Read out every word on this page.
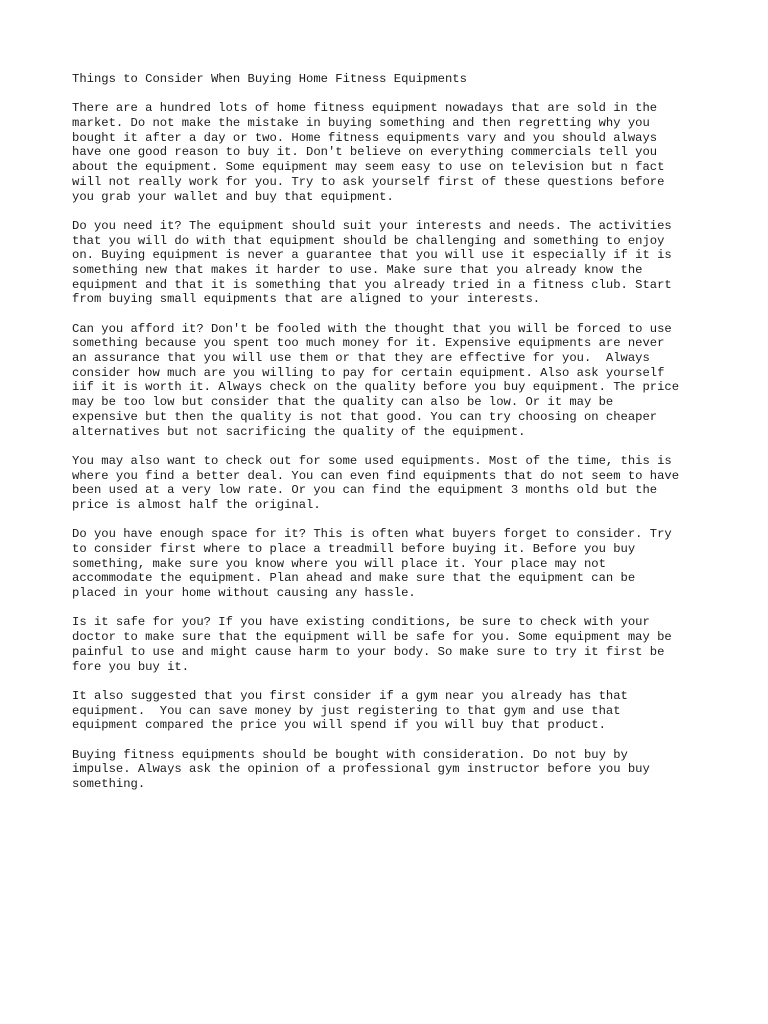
Things to Consider When Buying Home Fitness Equipments
There are a hundred lots of home fitness equipment nowadays that are sold in the
market. Do not make the mistake in buying something and then regretting why you
bought it after a day or two. Home fitness equipments vary and you should always
have one good reason to buy it. Don't believe on everything commercials tell you
about the equipment. Some equipment may seem easy to use on television but n fact
will not really work for you. Try to ask yourself first of these questions before
you grab your wallet and buy that equipment.
Do you need it? The equipment should suit your interests and needs. The activities
that you will do with that equipment should be challenging and something to enjoy
on. Buying equipment is never a guarantee that you will use it especially if it is
something new that makes it harder to use. Make sure that you already know the
equipment and that it is something that you already tried in a fitness club. Start
from buying small equipments that are aligned to your interests.
Can you afford it? Don't be fooled with the thought that you will be forced to use
something because you spent too much money for it. Expensive equipments are never
an assurance that you will use them or that they are effective for you.  Always
consider how much are you willing to pay for certain equipment. Also ask yourself
iif it is worth it. Always check on the quality before you buy equipment. The price
may be too low but consider that the quality can also be low. Or it may be
expensive but then the quality is not that good. You can try choosing on cheaper
alternatives but not sacrificing the quality of the equipment.
You may also want to check out for some used equipments. Most of the time, this is
where you find a better deal. You can even find equipments that do not seem to have
been used at a very low rate. Or you can find the equipment 3 months old but the
price is almost half the original.
Do you have enough space for it? This is often what buyers forget to consider. Try
to consider first where to place a treadmill before buying it. Before you buy
something, make sure you know where you will place it. Your place may not
accommodate the equipment. Plan ahead and make sure that the equipment can be
placed in your home without causing any hassle.
Is it safe for you? If you have existing conditions, be sure to check with your
doctor to make sure that the equipment will be safe for you. Some equipment may be
painful to use and might cause harm to your body. So make sure to try it first be
fore you buy it.
It also suggested that you first consider if a gym near you already has that
equipment.  You can save money by just registering to that gym and use that
equipment compared the price you will spend if you will buy that product.
Buying fitness equipments should be bought with consideration. Do not buy by
impulse. Always ask the opinion of a professional gym instructor before you buy
something.
